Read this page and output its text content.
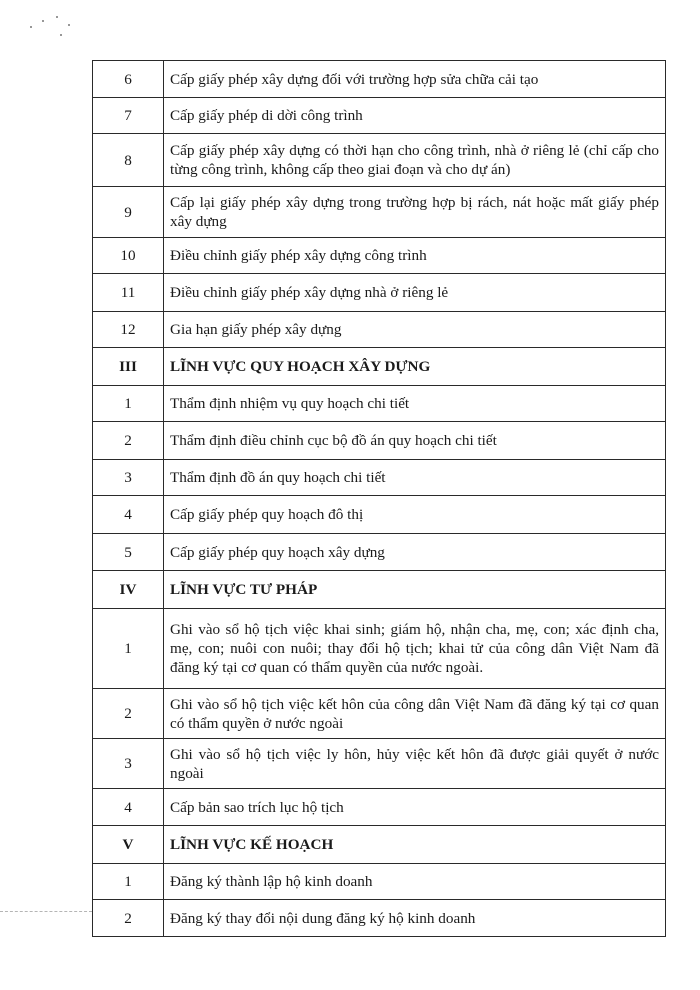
6	Cấp giấy phép xây dựng đối với trường hợp sửa chữa cải tạo
7	Cấp giấy phép di dời công trình
8	Cấp giấy phép xây dựng có thời hạn cho công trình, nhà ở riêng lẻ (chỉ cấp cho từng công trình, không cấp theo giai đoạn và cho dự án)
9	Cấp lại giấy phép xây dựng trong trường hợp bị rách, nát hoặc mất giấy phép xây dựng
10	Điều chỉnh giấy phép xây dựng công trình
11	Điều chỉnh giấy phép xây dựng nhà ở riêng lẻ
12	Gia hạn giấy phép xây dựng
III	LĨNH VỰC QUY HOẠCH XÂY DỰNG
1	Thẩm định nhiệm vụ quy hoạch chi tiết
2	Thẩm định điều chỉnh cục bộ đồ án quy hoạch chi tiết
3	Thẩm định đồ án quy hoạch chi tiết
4	Cấp giấy phép quy hoạch đô thị
5	Cấp giấy phép quy hoạch xây dựng
IV	LĨNH VỰC TƯ PHÁP
1	Ghi vào sổ hộ tịch việc khai sinh; giám hộ, nhận cha, mẹ, con; xác định cha, mẹ, con; nuôi con nuôi; thay đổi hộ tịch; khai tử của công dân Việt Nam đã đăng ký tại cơ quan có thẩm quyền của nước ngoài.
2	Ghi vào sổ hộ tịch việc kết hôn của công dân Việt Nam đã đăng ký tại cơ quan có thẩm quyền ở nước ngoài
3	Ghi vào sổ hộ tịch việc ly hôn, hủy việc kết hôn đã được giải quyết ở nước ngoài
4	Cấp bản sao trích lục hộ tịch
V	LĨNH VỰC KẾ HOẠCH
1	Đăng ký thành lập hộ kinh doanh
2	Đăng ký thay đổi nội dung đăng ký hộ kinh doanh
